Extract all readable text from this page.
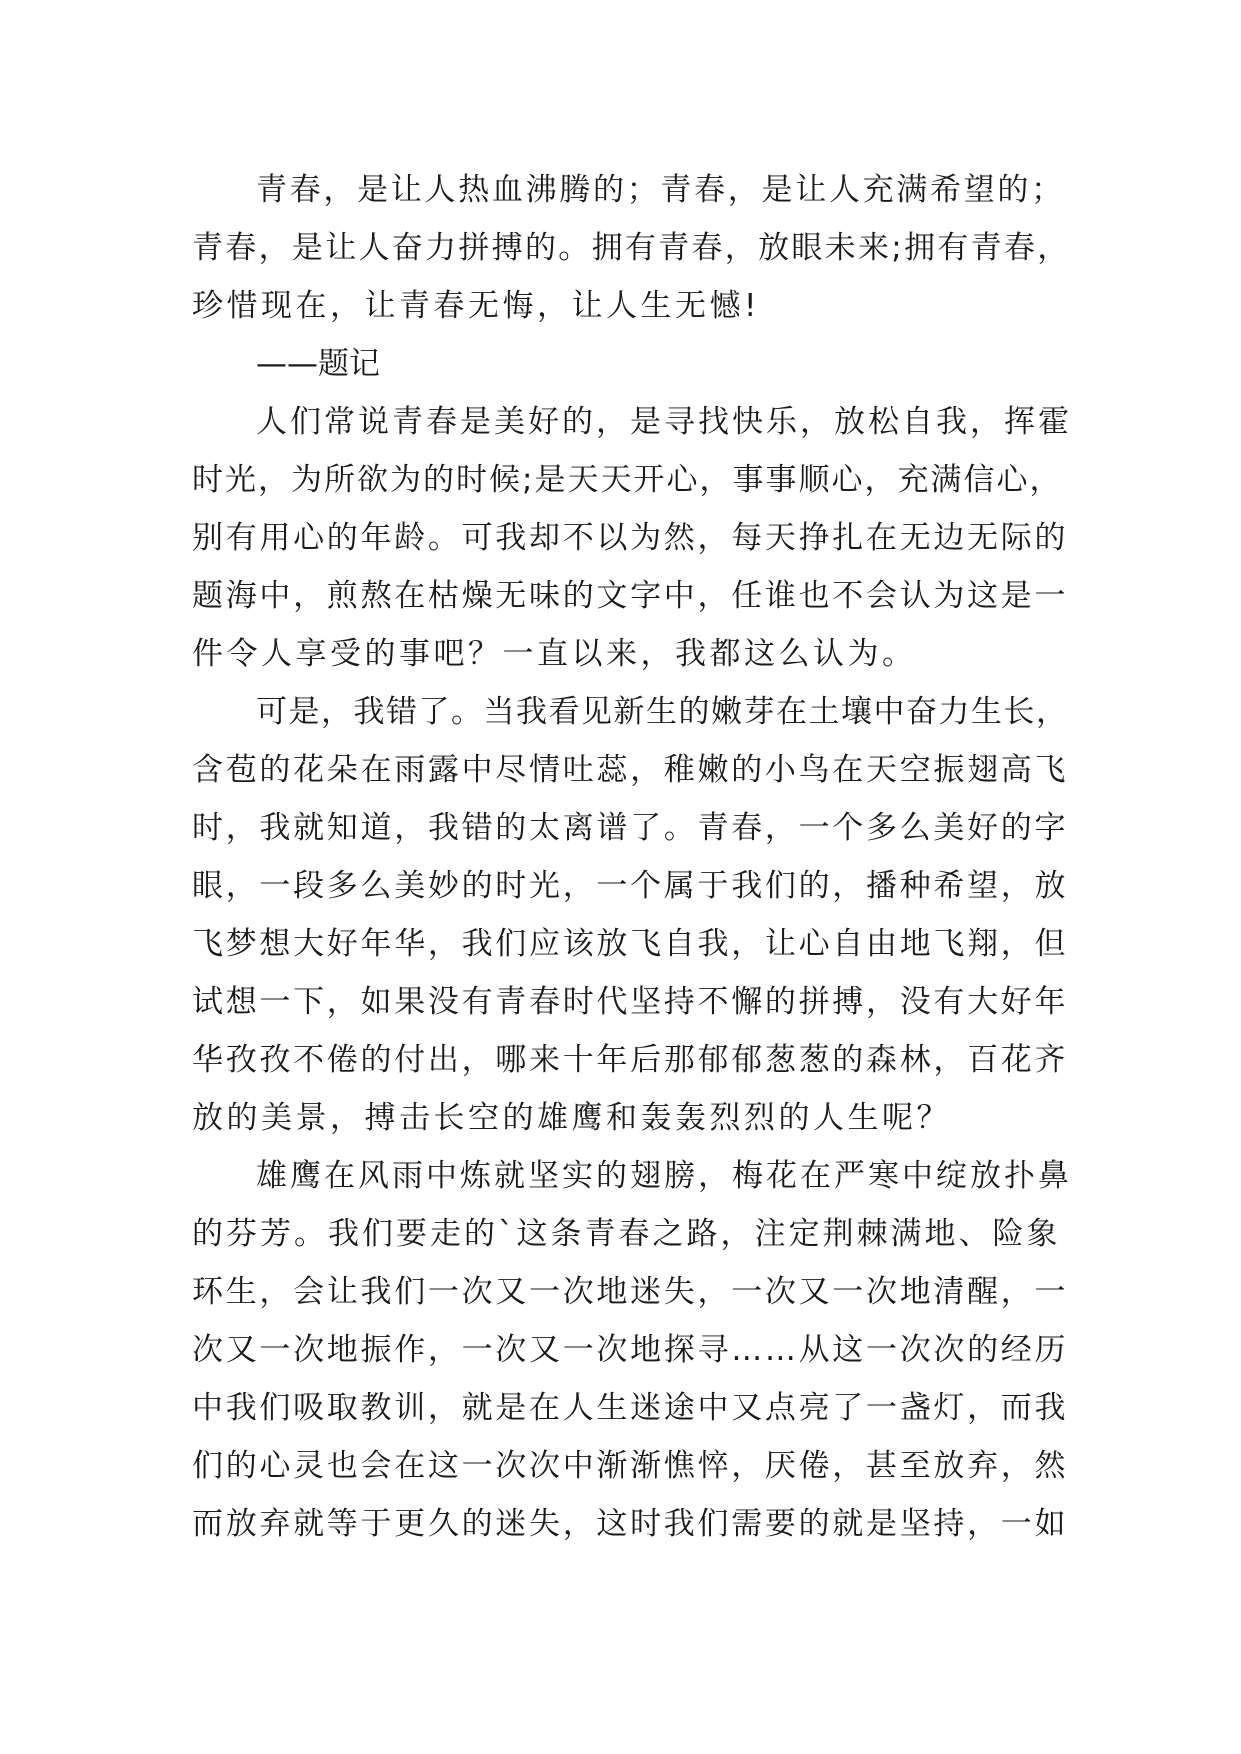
青春，是让人热血沸腾的；青春，是让人充满希望的；

青春，是让人奋力拼搏的。拥有青春，放眼未来;拥有青春，

珍惜现在，让青春无悔，让人生无憾!

——题记

人们常说青春是美好的，是寻找快乐，放松自我，挥霍

时光，为所欲为的时候;是天天开心，事事顺心，充满信心，

别有用心的年龄。可我却不以为然，每天挣扎在无边无际的

题海中，煎熬在枯燥无味的文字中，任谁也不会认为这是一

件令人享受的事吧？一直以来，我都这么认为。

可是，我错了。当我看见新生的嫩芽在土壤中奋力生长，

含苞的花朵在雨露中尽情吐蕊，稚嫩的小鸟在天空振翅高飞

时，我就知道，我错的太离谱了。青春，一个多么美好的字

眼，一段多么美妙的时光，一个属于我们的，播种希望，放

飞梦想大好年华，我们应该放飞自我，让心自由地飞翔，但

试想一下，如果没有青春时代坚持不懈的拼搏，没有大好年

华孜孜不倦的付出，哪来十年后那郁郁葱葱的森林，百花齐

放的美景，搏击长空的雄鹰和轰轰烈烈的人生呢？

雄鹰在风雨中炼就坚实的翅膀，梅花在严寒中绽放扑鼻

的芬芳。我们要走的`这条青春之路，注定荆棘满地、险象

环生，会让我们一次又一次地迷失，一次又一次地清醒，一

次又一次地振作，一次又一次地探寻……从这一次次的经历

中我们吸取教训，就是在人生迷途中又点亮了一盏灯，而我

们的心灵也会在这一次次中渐渐憔悴，厌倦，甚至放弃，然

而放弃就等于更久的迷失，这时我们需要的就是坚持，一如
